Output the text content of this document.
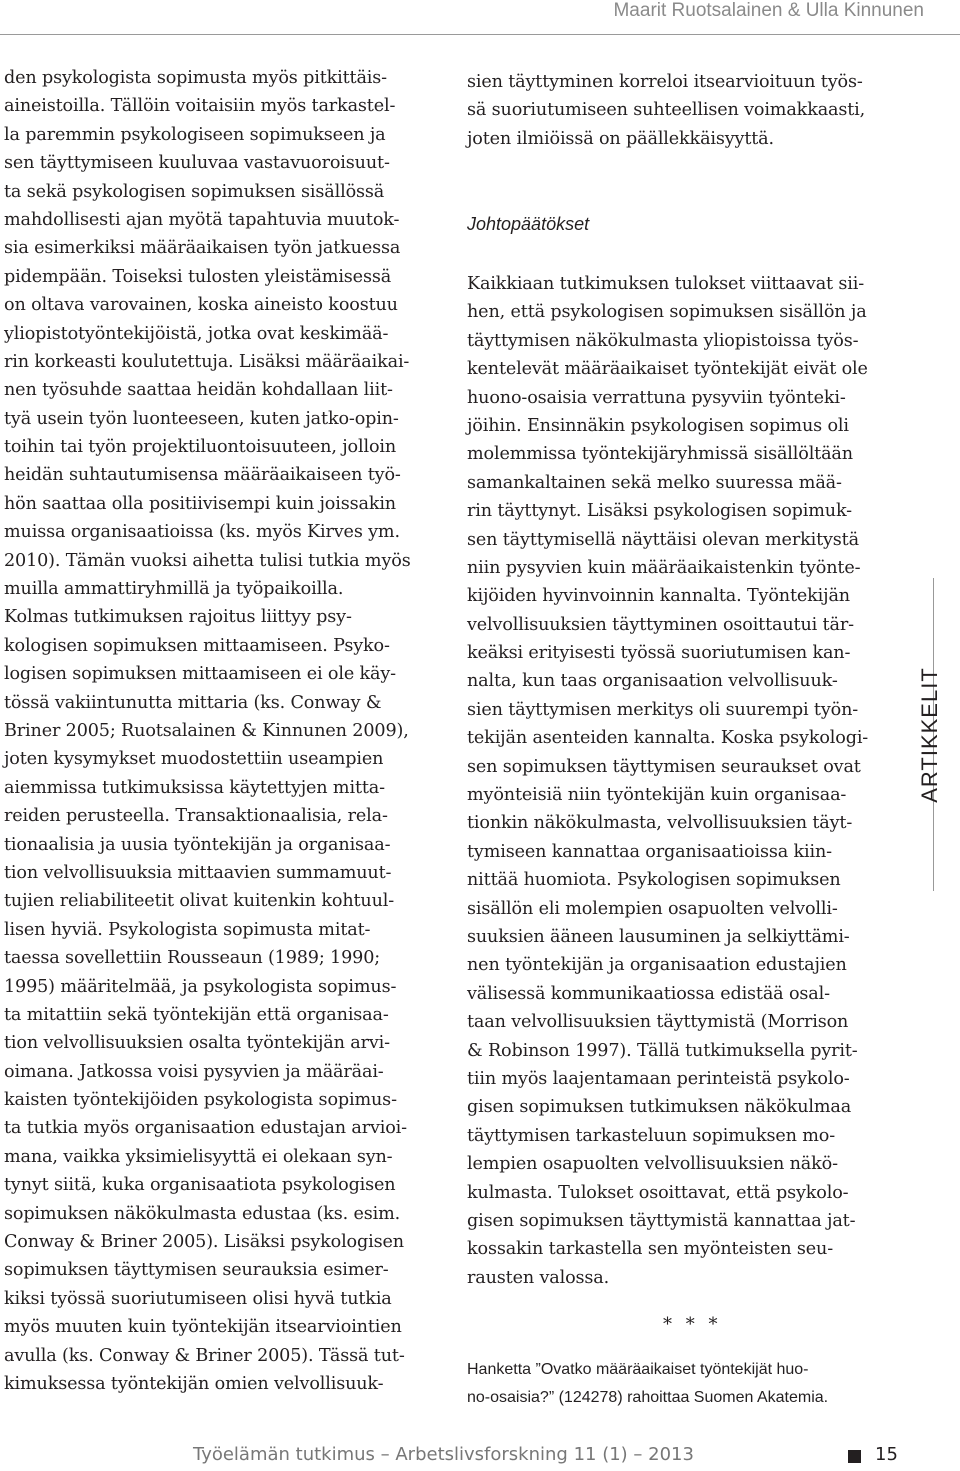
Maarit Ruotsalainen & Ulla Kinnunen
den psykologista sopimusta myös pitkittäis-
aineistoilla. Tällöin voitaisiin myös tarkastel-
la paremmin psykologiseen sopimukseen ja
sen täyttymiseen kuuluvaa vastavuoroisuut-
ta sekä psykologisen sopimuksen sisällössä
mahdollisesti ajan myötä tapahtuvia muutok-
sia esimerkiksi määräaikaisen työn jatkuessa
pidempään. Toiseksi tulosten yleistämisessä
on oltava varovainen, koska aineisto koostuu
yliopistotyöntekijöistä, jotka ovat keskimää-
rin korkeasti koulutettuja. Lisäksi määräaikai-
nen työsuhde saattaa heidän kohdallaan liit-
tyä usein työn luonteeseen, kuten jatko-opin-
toihin tai työn projektiluontoisuuteen, jolloin
heidän suhtautumisensa määräaikaiseen työ-
hön saattaa olla positiivisempi kuin joissakin
muissa organisaatioissa (ks. myös Kirves ym.
2010). Tämän vuoksi aihetta tulisi tutkia myös
muilla ammattiryhmillä ja työpaikoilla.
Kolmas tutkimuksen rajoitus liittyy psy-
kologisen sopimuksen mittaamiseen. Psyko-
logisen sopimuksen mittaamiseen ei ole käy-
tössä vakiintunutta mittaria (ks. Conway &
Briner 2005; Ruotsalainen & Kinnunen 2009),
joten kysymykset muodostettiin useampien
aiemmissa tutkimuksissa käytettyjen mitta-
reiden perusteella. Transaktionaalisia, rela-
tionaalisia ja uusia työntekijän ja organisaa-
tion velvollisuuksia mittaavien summamuut-
tujien reliabiliteetit olivat kuitenkin kohtuul-
lisen hyviä. Psykologista sopimusta mitat-
taessa sovellettiin Rousseaun (1989; 1990;
1995) määritelmää, ja psykologista sopimus-
ta mitattiin sekä työntekijän että organisaa-
tion velvollisuuksien osalta työntekijän arvi-
oimana. Jatkossa voisi pysyvien ja määräai-
kaisten työntekijöiden psykologista sopimus-
ta tutkia myös organisaation edustajan arvioi-
mana, vaikka yksimielisyyttä ei olekaan syn-
tynyt siitä, kuka organisaatiota psykologisen
sopimuksen näkökulmasta edustaa (ks. esim.
Conway & Briner 2005). Lisäksi psykologisen
sopimuksen täyttymisen seurauksia esimer-
kiksi työssä suoriutumiseen olisi hyvä tutkia
myös muuten kuin työntekijän itsearviointien
avulla (ks. Conway & Briner 2005). Tässä tut-
kimuksessa työntekijän omien velvollisuuk-
sien täyttyminen korreloi itsearvioituun työs-
sä suoriutumiseen suhteellisen voimakkaasti,
joten ilmiöissä on päällekkäisyyttä.
Johtopäätökset
Kaikkiaan tutkimuksen tulokset viittaavat sii-
hen, että psykologisen sopimuksen sisällön ja
täyttymisen näkökulmasta yliopistoissa työs-
kentelevät määräaikaiset työntekijät eivät ole
huono-osaisia verrattuna pysyviin työnteki-
jöihin. Ensinnäkin psykologisen sopimus oli
molemmissa työntekijäryhmissä sisällöltään
samankaltainen sekä melko suuressa mää-
rin täyttynyt. Lisäksi psykologisen sopimuk-
sen täyttymisellä näyttäisi olevan merkitystä
niin pysyvien kuin määräaikaistenkin työnte-
kijöiden hyvinvoinnin kannalta. Työntekijän
velvollisuuksien täyttyminen osoittautui tär-
keäksi erityisesti työssä suoriutumisen kan-
nalta, kun taas organisaation velvollisuuk-
sien täyttymisen merkitys oli suurempi työn-
tekijän asenteiden kannalta. Koska psykologi-
sen sopimuksen täyttymisen seuraukset ovat
myönteisiä niin työntekijän kuin organisaa-
tionkin näkökulmasta, velvollisuuksien täyt-
tymiseen kannattaa organisaatioissa kiin-
nittää huomiota. Psykologisen sopimuksen
sisällön eli molempien osapuolten velvolli-
suuksien ääneen lausuminen ja selkiyttämi-
nen työntekijän ja organisaation edustajien
välisessä kommunikaatiossa edistää osal-
taan velvollisuuksien täyttymistä (Morrison
& Robinson 1997). Tällä tutkimuksella pyrit-
tiin myös laajentamaan perinteistä psykolo-
gisen sopimuksen tutkimuksen näkökulmaa
täyttymisen tarkasteluun sopimuksen mo-
lempien osapuolten velvollisuuksien näkö-
kulmasta. Tulokset osoittavat, että psykolo-
gisen sopimuksen täyttymistä kannattaa jat-
kossakin tarkastella sen myönteisten seu-
rausten valossa.
* * *
Hanketta ”Ovatko määräaikaiset työntekijät huo-
no-osaisia?” (124278) rahoittaa Suomen Akatemia.
ARTIKKELIT
Työelämän tutkimus – Arbetslivsforskning 11 (1) – 2013	15
